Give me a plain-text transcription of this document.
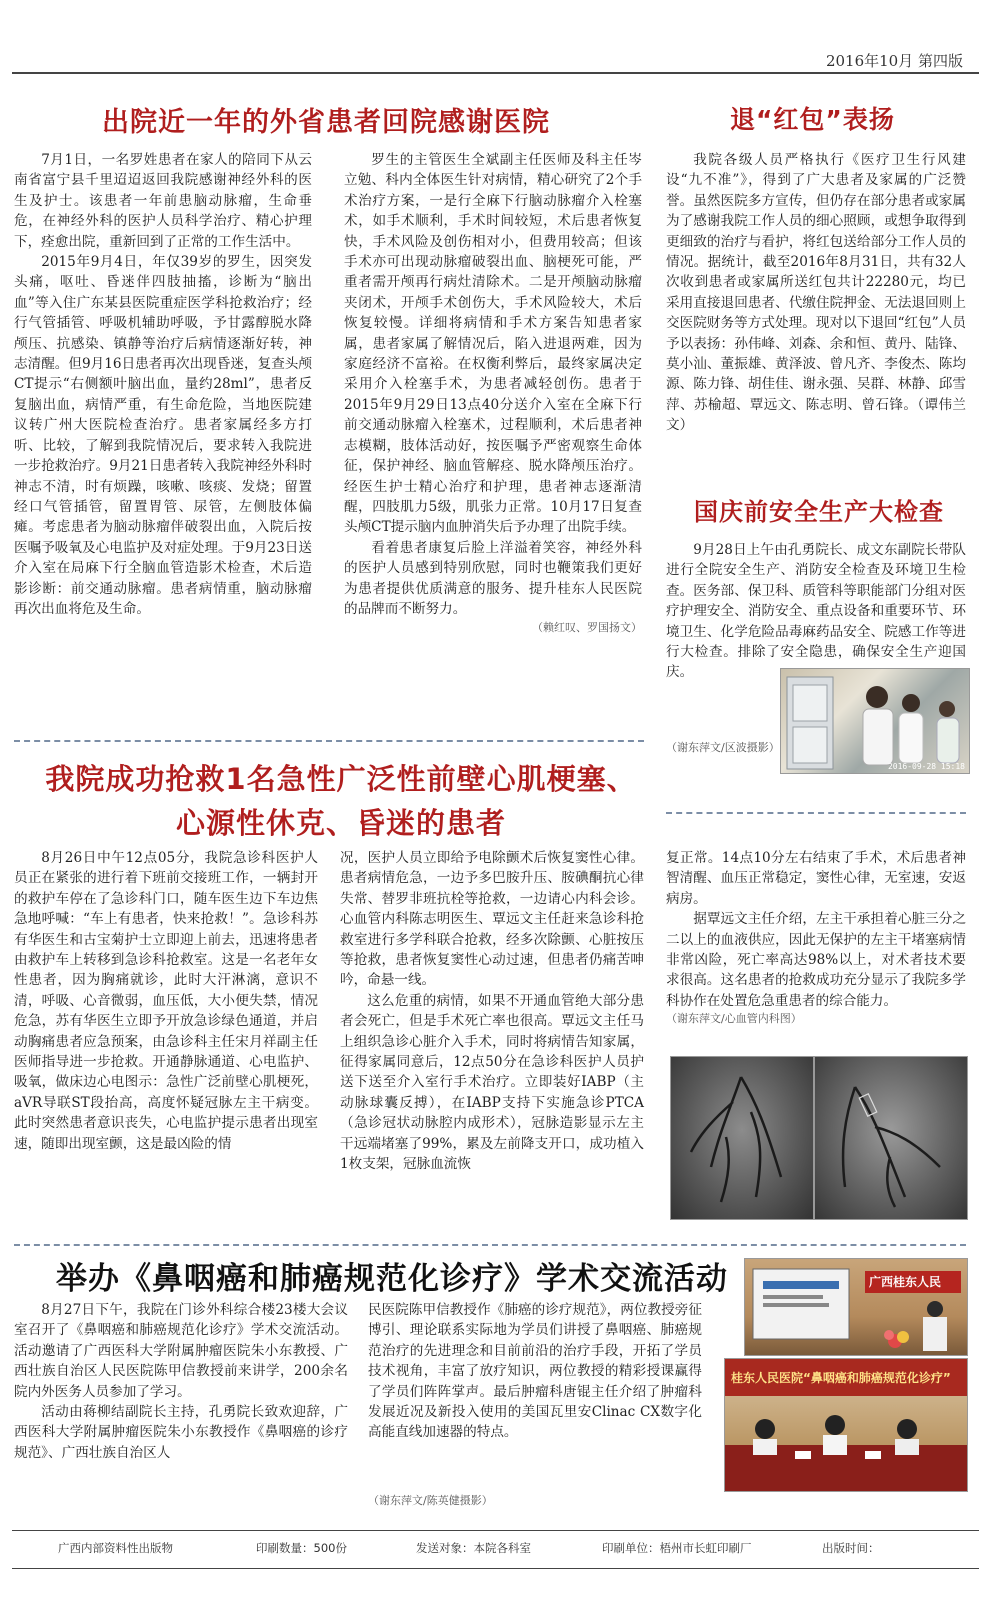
2016年10月 第四版
出院近一年的外省患者回院感谢医院

7月1日，一名罗姓患者在家人的陪同下从云南省富宁县千里迢迢返回我院感谢神经外科的医生及护士。该患者一年前患脑动脉瘤，生命垂危，在神经外科的医护人员科学治疗、精心护理下，痊愈出院，重新回到了正常的工作生活中。

2015年9月4日，年仅39岁的罗生，因突发头痛，呕吐、昏迷伴四肢抽搐，诊断为“脑出血”等入住广东某县医院重症医学科抢救治疗；经行气管插管、呼吸机辅助呼吸，予甘露醇脱水降颅压、抗感染、镇静等治疗后病情逐渐好转，神志清醒。但9月16日患者再次出现昏迷，复查头颅CT提示“右侧额叶脑出血，量约28ml”，患者反复脑出血，病情严重，有生命危险，当地医院建议转广州大医院检查治疗。患者家属经多方打听、比较，了解到我院情况后，要求转入我院进一步抢救治疗。9月21日患者转入我院神经外科时神志不清，时有烦躁，咳嗽、咳痰、发烧；留置经口气管插管，留置胃管、尿管，左侧肢体偏瘫。考虑患者为脑动脉瘤伴破裂出血，入院后按医嘱予吸氧及心电监护及对症处理。于9月23日送介入室在局麻下行全脑血管造影术检查，术后造影诊断：前交通动脉瘤。患者病情重，脑动脉瘤再次出血将危及生命。

罗生的主管医生全斌副主任医师及科主任岑立勉、科内全体医生针对病情，精心研究了2个手术治疗方案，一是行全麻下行脑动脉瘤介入栓塞术，如手术顺利，手术时间较短，术后患者恢复快，手术风险及创伤相对小，但费用较高；但该手术亦可出现动脉瘤破裂出血、脑梗死可能，严重者需开颅再行病灶清除术。二是开颅脑动脉瘤夹闭术，开颅手术创伤大，手术风险较大，术后恢复较慢。详细将病情和手术方案告知患者家属，患者家属了解情况后，陷入进退两难，因为家庭经济不富裕。在权衡利弊后，最终家属决定采用介入栓塞手术，为患者减轻创伤。患者于2015年9月29日13点40分送介入室在全麻下行前交通动脉瘤入栓塞术，过程顺利，术后患者神志模糊，肢体活动好，按医嘱予严密观察生命体征，保护神经、脑血管解痉、脱水降颅压治疗。经医生护士精心治疗和护理，患者神志逐渐清醒，四肢肌力5级，肌张力正常。10月17日复查头颅CT提示脑内血肿消失后予办理了出院手续。

看着患者康复后脸上洋溢着笑容，神经外科的医护人员感到特别欣慰，同时也鞭策我们更好为患者提供优质满意的服务、提升桂东人民医院的品牌而不断努力。

（赖红叹、罗国扬文）
退“红包”表扬

我院各级人员严格执行《医疗卫生行风建设“九不准”》，得到了广大患者及家属的广泛赞誉。虽然医院多方宣传，但仍存在部分患者或家属为了感谢我院工作人员的细心照顾，或想争取得到更细致的治疗与看护，将红包送给部分工作人员的情况。据统计，截至2016年8月31日，共有32人次收到患者或家属所送红包共计22280元，均已采用直接退回患者、代缴住院押金、无法退回则上交医院财务等方式处理。现对以下退回“红包”人员予以表扬：孙伟峰、刘森、余和恒、黄丹、陆锋、莫小汕、董振雄、黄泽波、曾凡齐、李俊杰、陈均源、陈力锋、胡佳佳、谢永强、吴群、林静、邱雪萍、苏榆超、覃远文、陈志明、曾石锋。（谭伟兰文）

国庆前安全生产大检查

9月28日上午由孔勇院长、成文东副院长带队进行全院安全生产、消防安全检查及环境卫生检查。医务部、保卫科、质管科等职能部门分组对医疗护理安全、消防安全、重点设备和重要环节、环境卫生、化学危险品毒麻药品安全、院感工作等进行大检查。排除了安全隐患，确保安全生产迎国庆。

（谢东萍文/区波摄影）
2016-09-28 15:18
我院成功抢救1名急性广泛性前壁心肌梗塞、
心源性休克、昏迷的患者

8月26日中午12点05分，我院急诊科医护人员正在紧张的进行着下班前交接班工作，一辆封开的救护车停在了急诊科门口，随车医生边下车边焦急地呼喊：“车上有患者，快来抢救！”。急诊科苏有华医生和古宝菊护士立即迎上前去，迅速将患者由救护车上转移到急诊科抢救室。这是一名老年女性患者，因为胸痛就诊，此时大汗淋漓，意识不清，呼吸、心音微弱，血压低，大小便失禁，情况危急，苏有华医生立即予开放急诊绿色通道，并启动胸痛患者应急预案，由急诊科主任宋月祥副主任医师指导进一步抢救。开通静脉通道、心电监护、吸氧，做床边心电图示：急性广泛前壁心肌梗死，aVR导联ST段抬高，高度怀疑冠脉左主干病变。此时突然患者意识丧失，心电监护提示患者出现室速，随即出现室颤，这是最凶险的情

况，医护人员立即给予电除颤术后恢复窦性心律。患者病情危急，一边予多巴胺升压、胺碘酮抗心律失常、替罗非班抗栓等抢救，一边请心内科会诊。心血管内科陈志明医生、覃远文主任赶来急诊科抢救室进行多学科联合抢救，经多次除颤、心脏按压等抢救，患者恢复窦性心动过速，但患者仍痛苦呻吟，命悬一线。

这么危重的病情，如果不开通血管绝大部分患者会死亡，但是手术死亡率也很高。覃远文主任马上组织急诊心脏介入手术，同时将病情告知家属，征得家属同意后，12点50分在急诊科医护人员护送下送至介入室行手术治疗。立即装好IABP（主动脉球囊反搏），在IABP支持下实施急诊PTCA（急诊冠状动脉腔内成形术），冠脉造影显示左主干远端堵塞了99%，累及左前降支开口，成功植入1枚支架，冠脉血流恢

复正常。14点10分左右结束了手术，术后患者神智清醒、血压正常稳定，窦性心律，无室速，安返病房。

据覃远文主任介绍，左主干承担着心脏三分之二以上的血液供应，因此无保护的左主干堵塞病情非常凶险，死亡率高达98%以上，对术者技术要求很高。这名患者的抢救成功充分显示了我院多学科协作在处置危急重患者的综合能力。

（谢东萍文/心血管内科图）
举办《鼻咽癌和肺癌规范化诊疗》学术交流活动

8月27日下午，我院在门诊外科综合楼23楼大会议室召开了《鼻咽癌和肺癌规范化诊疗》学术交流活动。活动邀请了广西医科大学附属肿瘤医院朱小东教授、广西壮族自治区人民医院陈甲信教授前来讲学，200余名院内外医务人员参加了学习。

活动由蒋柳结副院长主持，孔勇院长致欢迎辞，广西医科大学附属肿瘤医院朱小东教授作《鼻咽癌的诊疗规范》、广西壮族自治区人

民医院陈甲信教授作《肺癌的诊疗规范》，两位教授旁征博引、理论联系实际地为学员们讲授了鼻咽癌、肺癌规范治疗的先进理念和目前前沿的治疗手段，开拓了学员技术视角，丰富了放疗知识，两位教授的精彩授课赢得了学员们阵阵掌声。最后肿瘤科唐锟主任介绍了肿瘤科发展近况及新投入使用的美国瓦里安Clinac CX数字化高能直线加速器的特点。

（谢东萍文/陈英健摄影）
广西桂东人民
桂东人民医院“鼻咽癌和肺癌规范化诊疗”
广西内部资料性出版物	印刷数量：500份	发送对象：本院各科室	印刷单位：梧州市长虹印刷厂	出版时间：
